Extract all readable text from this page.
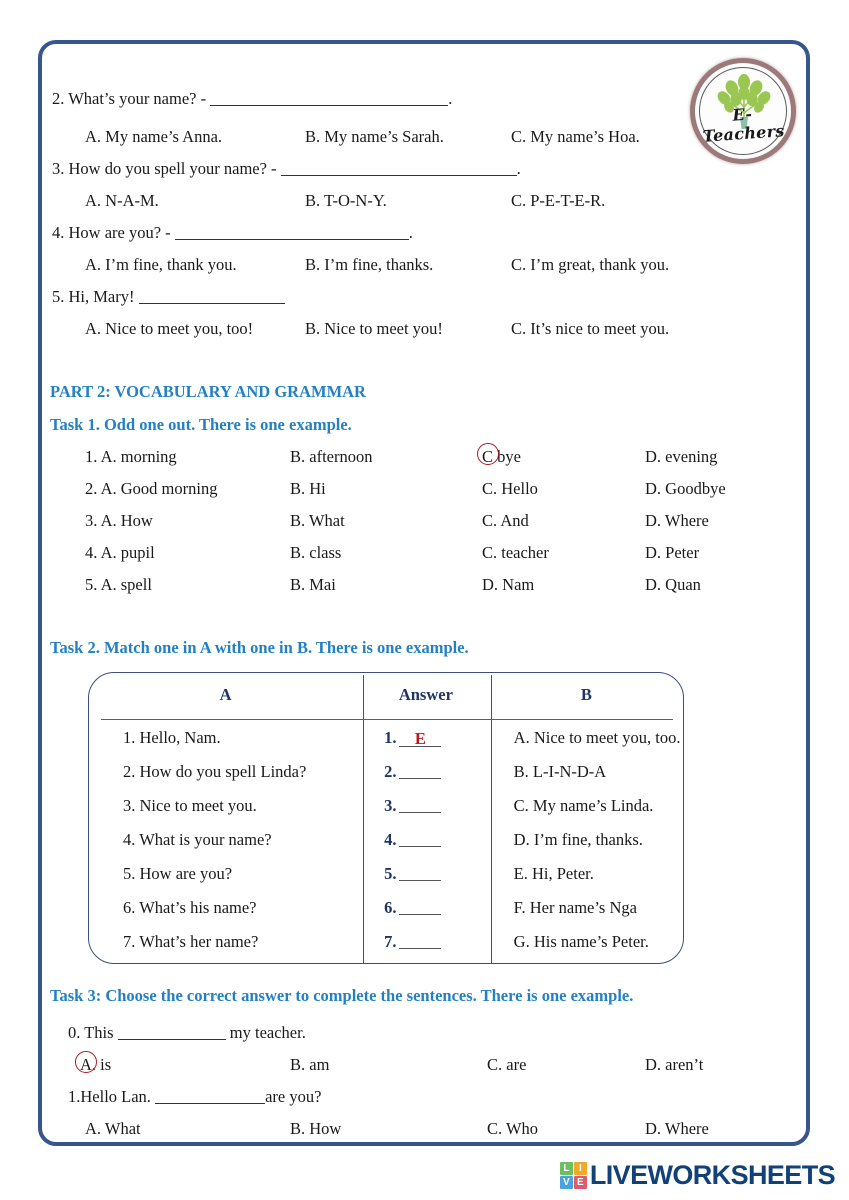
E-Teachers
2. What’s your name? -	.
A. My name’s Anna.	B. My name’s Sarah.	C. My name’s Hoa.
3. How do you spell your name? -	.
A. N-A-M.	B. T-O-N-Y.	C. P-E-T-E-R.
4. How are you? -	.
A. I’m fine, thank you.	B. I’m fine, thanks.	C. I’m great, thank you.
5. Hi, Mary!
A. Nice to meet you, too!	B. Nice to meet you!	C. It’s nice to meet you.
PART 2: VOCABULARY AND GRAMMAR
Task 1. Odd one out. There is one example.
1. A. morning	B. afternoon	C bye	D. evening
2. A. Good morning	B. Hi	C. Hello	D. Goodbye
3. A. How	B. What	C. And	D. Where
4. A. pupil	B. class	C. teacher	D. Peter
5. A. spell	B. Mai	D. Nam	D. Quan
Task 2. Match one in A with one in B. There is one example.
A	Answer	B
1. Hello, Nam.	1.	E	A. Nice to meet you, too.
2. How do you spell Linda?	2.	B. L-I-N-D-A
3. Nice to meet you.	3.	C. My name’s Linda.
4. What is your name?	4.	D. I’m fine, thanks.
5. How are you?	5.	E. Hi, Peter.
6. What’s his name?	6.	F. Her name’s Nga
7. What’s her name?	7.	G. His name’s Peter.
Task 3: Choose the correct answer to complete the sentences. There is one example.
0. This	my teacher.
A. is	B. am	C. are	D. aren’t
1.Hello Lan.	are you?
A. What	B. How	C. Who	D. Where
L I
V E LIVEWORKSHEETS
